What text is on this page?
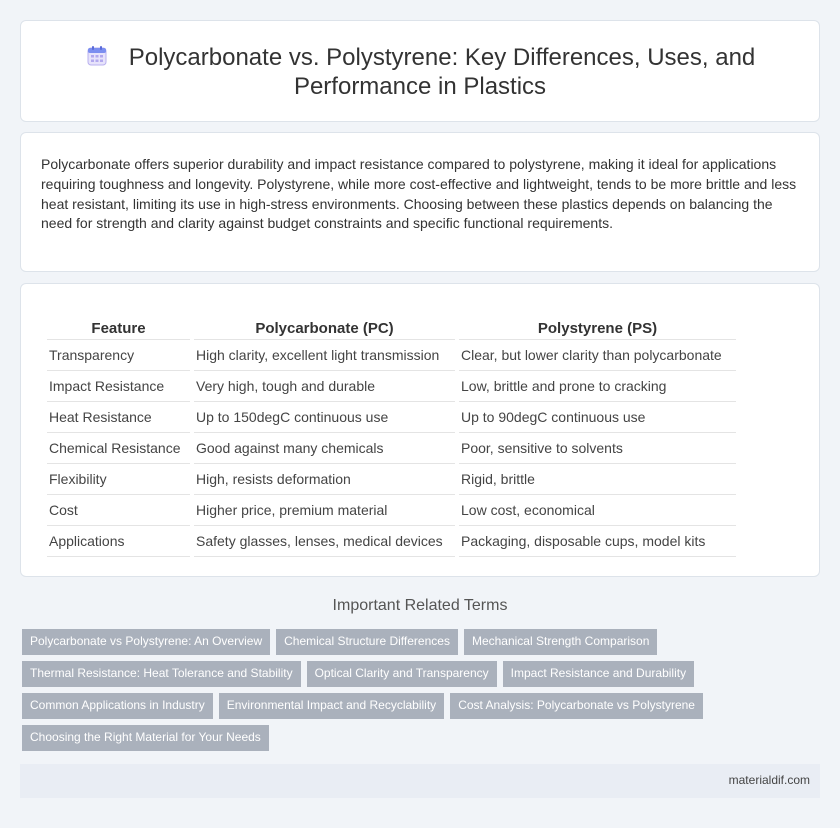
Polycarbonate vs. Polystyrene: Key Differences, Uses, and
Performance in Plastics

Polycarbonate offers superior durability and impact resistance compared to polystyrene, making it ideal for applications requiring toughness and longevity. Polystyrene, while more cost-effective and lightweight, tends to be more brittle and less heat resistant, limiting its use in high-stress environments. Choosing between these plastics depends on balancing the need for strength and clarity against budget constraints and specific functional requirements.

Feature	Polycarbonate (PC)	Polystyrene (PS)
Transparency	High clarity, excellent light transmission	Clear, but lower clarity than polycarbonate
Impact Resistance	Very high, tough and durable	Low, brittle and prone to cracking
Heat Resistance	Up to 150degC continuous use	Up to 90degC continuous use
Chemical Resistance	Good against many chemicals	Poor, sensitive to solvents
Flexibility	High, resists deformation	Rigid, brittle
Cost	Higher price, premium material	Low cost, economical
Applications	Safety glasses, lenses, medical devices	Packaging, disposable cups, model kits
Important Related Terms
Polycarbonate vs Polystyrene: An Overview	Chemical Structure Differences	Mechanical Strength Comparison
Thermal Resistance: Heat Tolerance and Stability	Optical Clarity and Transparency	Impact Resistance and Durability
Common Applications in Industry	Environmental Impact and Recyclability	Cost Analysis: Polycarbonate vs Polystyrene
Choosing the Right Material for Your Needs
materialdif.com
